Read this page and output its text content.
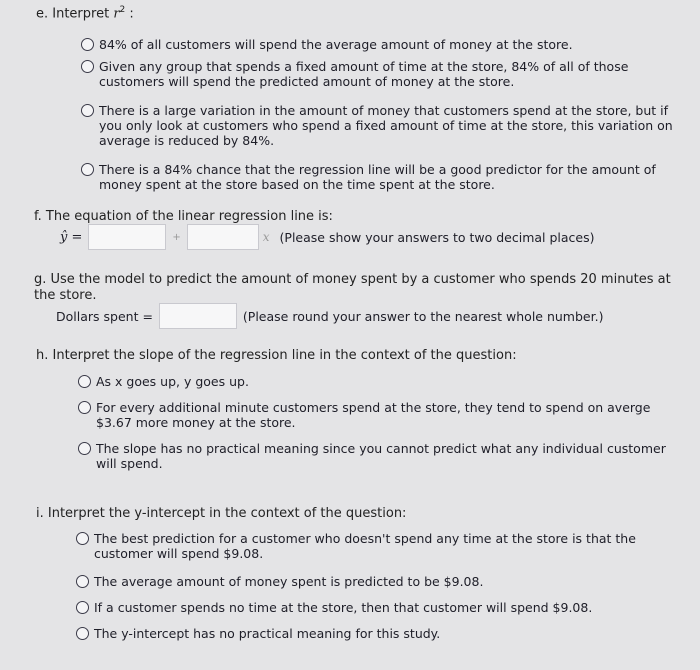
e. Interpret $r^2$ :
84% of all customers will spend the average amount of money at the store.
Given any group that spends a fixed amount of time at the store, 84% of all of those customers will spend the predicted amount of money at the store.
There is a large variation in the amount of money that customers spend at the store, but if you only look at customers who spend a fixed amount of time at the store, this variation on average is reduced by 84%.
There is a 84% chance that the regression line will be a good predictor for the amount of money spent at the store based on the time spent at the store.
f. The equation of the linear regression line is:
ŷ =	+	x (Please show your answers to two decimal places)
g. Use the model to predict the amount of money spent by a customer who spends 20 minutes at the store.
Dollars spent =	(Please round your answer to the nearest whole number.)
h. Interpret the slope of the regression line in the context of the question:
As x goes up, y goes up.
For every additional minute customers spend at the store, they tend to spend on averge $3.67 more money at the store.
The slope has no practical meaning since you cannot predict what any individual customer will spend.
i. Interpret the y-intercept in the context of the question:
The best prediction for a customer who doesn't spend any time at the store is that the customer will spend $9.08.
The average amount of money spent is predicted to be $9.08.
If a customer spends no time at the store, then that customer will spend $9.08.
The y-intercept has no practical meaning for this study.
